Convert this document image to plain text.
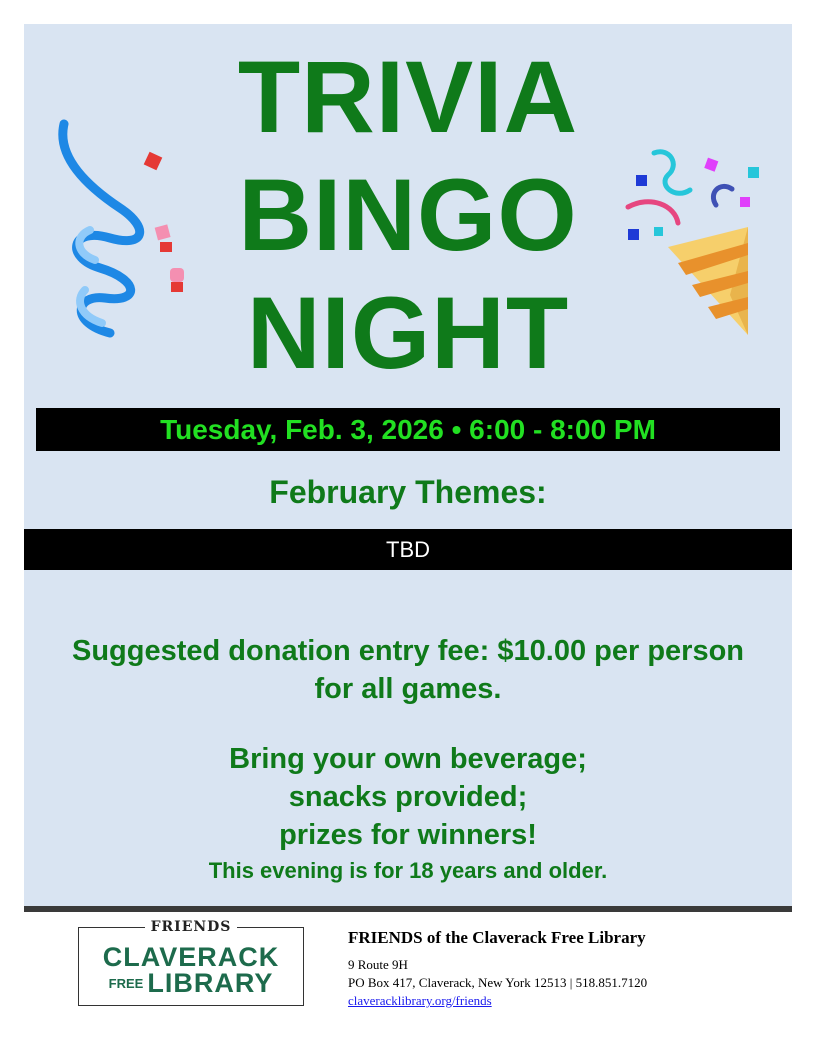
TRIVIA
BINGO
NIGHT
Tuesday, Feb. 3, 2026 • 6:00 - 8:00 PM
February Themes:
TBD
Suggested donation entry fee: $10.00 per person for all games.
Bring your own beverage;
snacks provided;
prizes for winners!
This evening is for 18 years and older.
FRIENDS
CLAVERACK
FREE LIBRARY
FRIENDS of the Claverack Free Library
9 Route 9H
PO Box 417, Claverack, New York 12513 | 518.851.7120
claveracklibrary.org/friends
